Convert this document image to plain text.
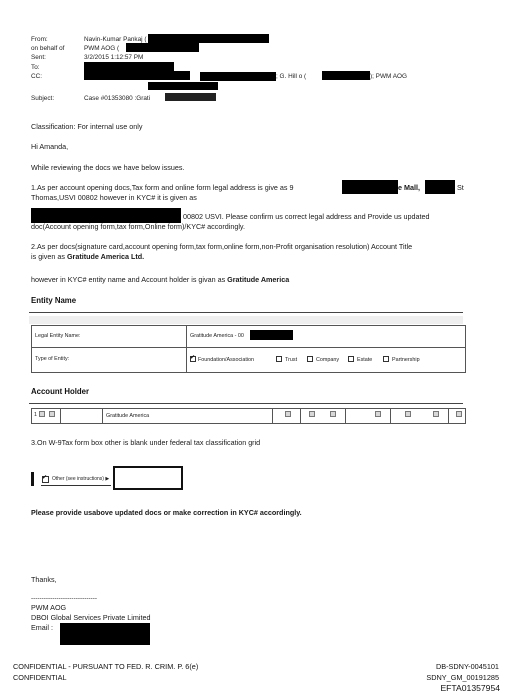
From:	Navin-Kumar Pankaj (
on behalf of	PWM AOG (
Sent:	3/2/2015 1:12:57 PM
To:
CC:	; G. Hill o (	); PWM AOG
Subject:	Case #01353080 :Grati
Classification: For internal use only
Hi Amanda,
While reviewing the docs we have below issues.
1.As per account opening docs,Tax form and online form legal address is give as 9	e Mall,	St
Thomas,USVI 00802 however in KYC# it is given as
00802 USVI. Please confirm us correct legal address and Provide us updated
doc(Account opening form,tax form,Online form)/KYC# accordingly.
2.As per docs(signature card,account opening form,tax form,online form,non-Profit organisation resolution) Account Title
is given as Gratitude America Ltd.
however in KYC# entity name and Account holder is givan as Gratitude America
Entity Name
Legal Entity Name:	Gratitude America - 00
Type of Entity:
✔	Foundation/Association	Trust	Company	Estate	Partnership
Account Holder
1	Gratitude America
3.On W-9Tax form box other is blank under federal tax classification grid
✔
Other (see instructions) ▶
Please provide usabove updated docs or make correction in KYC# accordingly.
Thanks,
-------------------------------
PWM AOG
DBOI Global Services Private Limited
Email :
CONFIDENTIAL - PURSUANT TO FED. R. CRIM. P. 6(e)
CONFIDENTIAL
DB-SDNY-0045101
SDNY_GM_00191285
EFTA01357954
